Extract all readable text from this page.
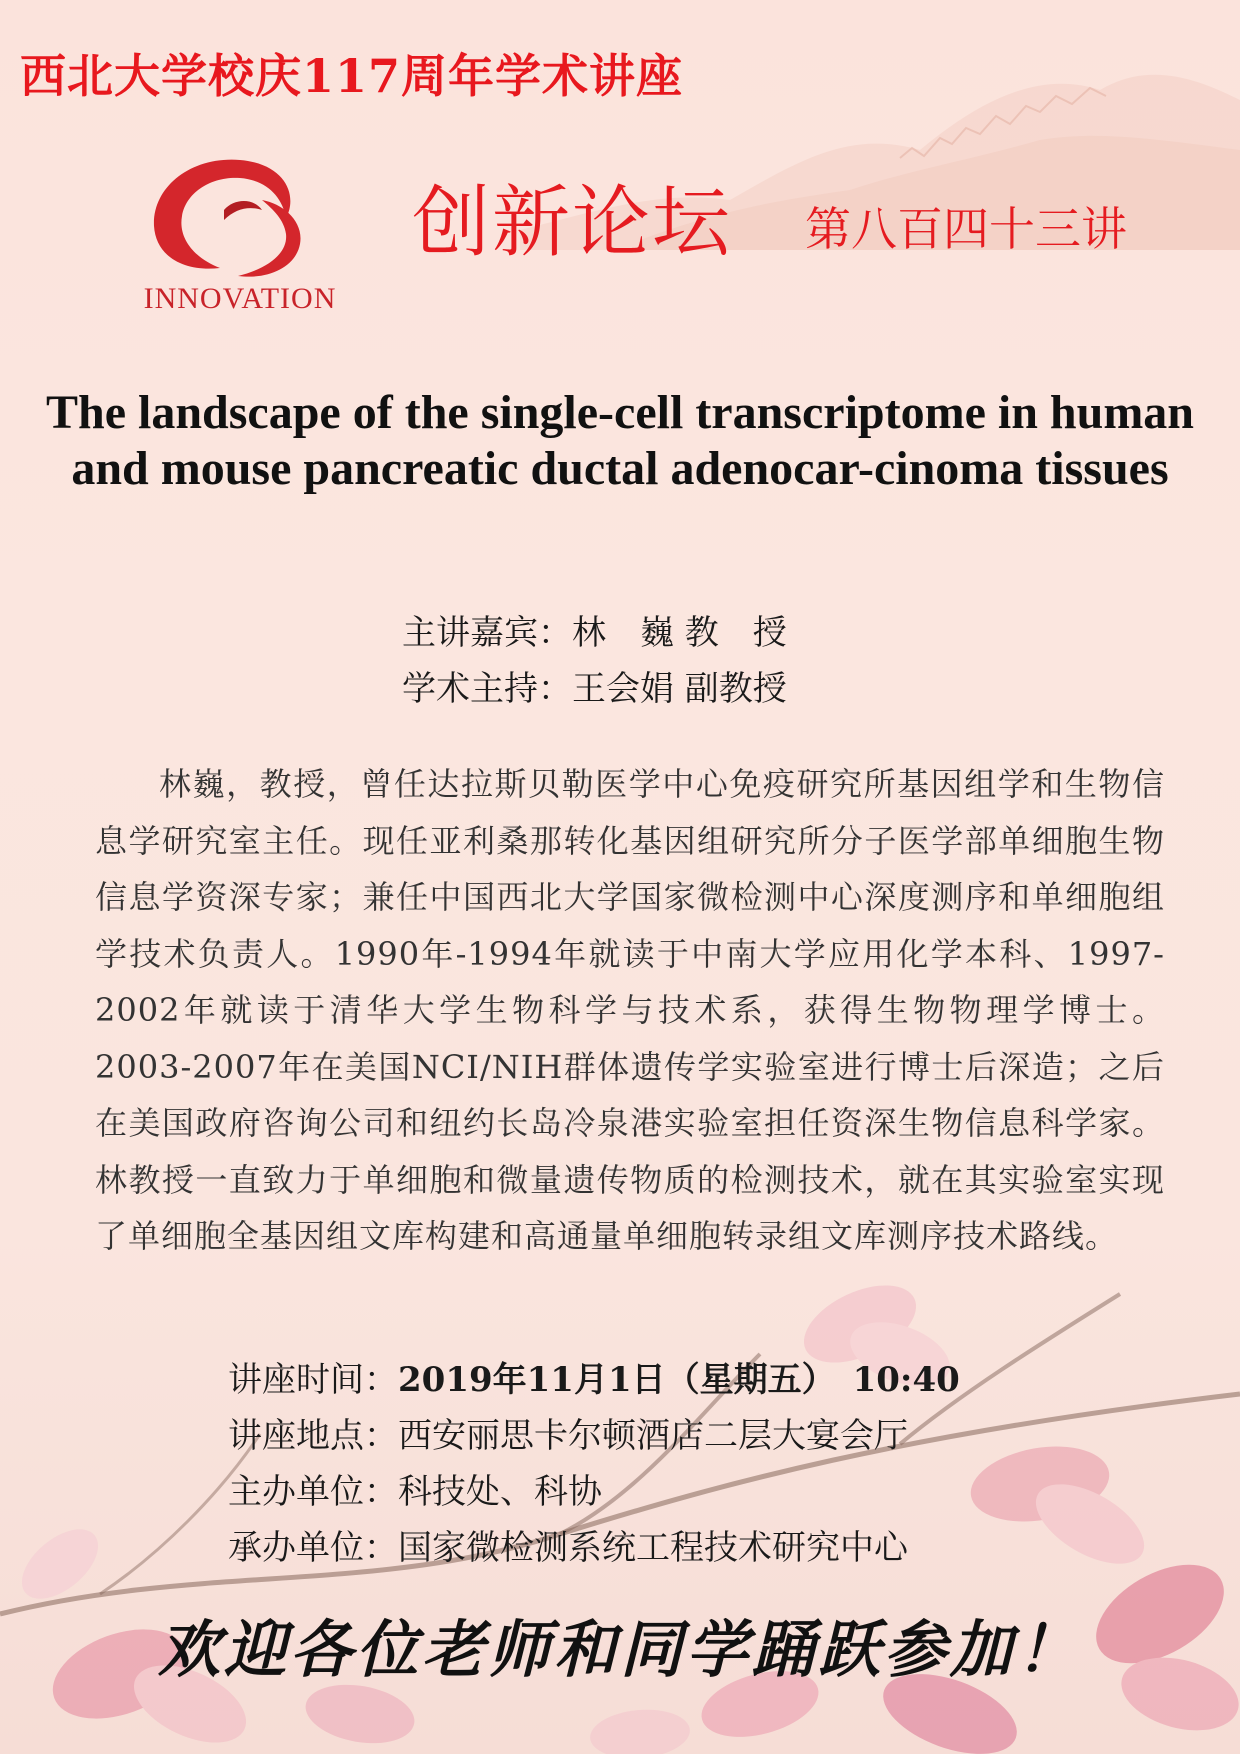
西北大学校庆117周年学术讲座
INNOVATION
创新论坛 第八百四十三讲
The landscape of the single-cell transcriptome in human and mouse pancreatic ductal adenocar-cinoma tissues
主讲嘉宾：林　巍 教　授
学术主持：王会娟 副教授
林巍，教授，曾任达拉斯贝勒医学中心免疫研究所基因组学和生物信息学研究室主任。现任亚利桑那转化基因组研究所分子医学部单细胞生物信息学资深专家；兼任中国西北大学国家微检测中心深度测序和单细胞组学技术负责人。1990年-1994年就读于中南大学应用化学本科、1997-2002年就读于清华大学生物科学与技术系，获得生物物理学博士。2003-2007年在美国NCI/NIH群体遗传学实验室进行博士后深造；之后在美国政府咨询公司和纽约长岛冷泉港实验室担任资深生物信息科学家。林教授一直致力于单细胞和微量遗传物质的检测技术，就在其实验室实现了单细胞全基因组文库构建和高通量单细胞转录组文库测序技术路线。
讲座时间：2019年11月1日（星期五）　10:40
讲座地点：西安丽思卡尔顿酒店二层大宴会厅
主办单位：科技处、科协
承办单位：国家微检测系统工程技术研究中心
欢迎各位老师和同学踊跃参加！
